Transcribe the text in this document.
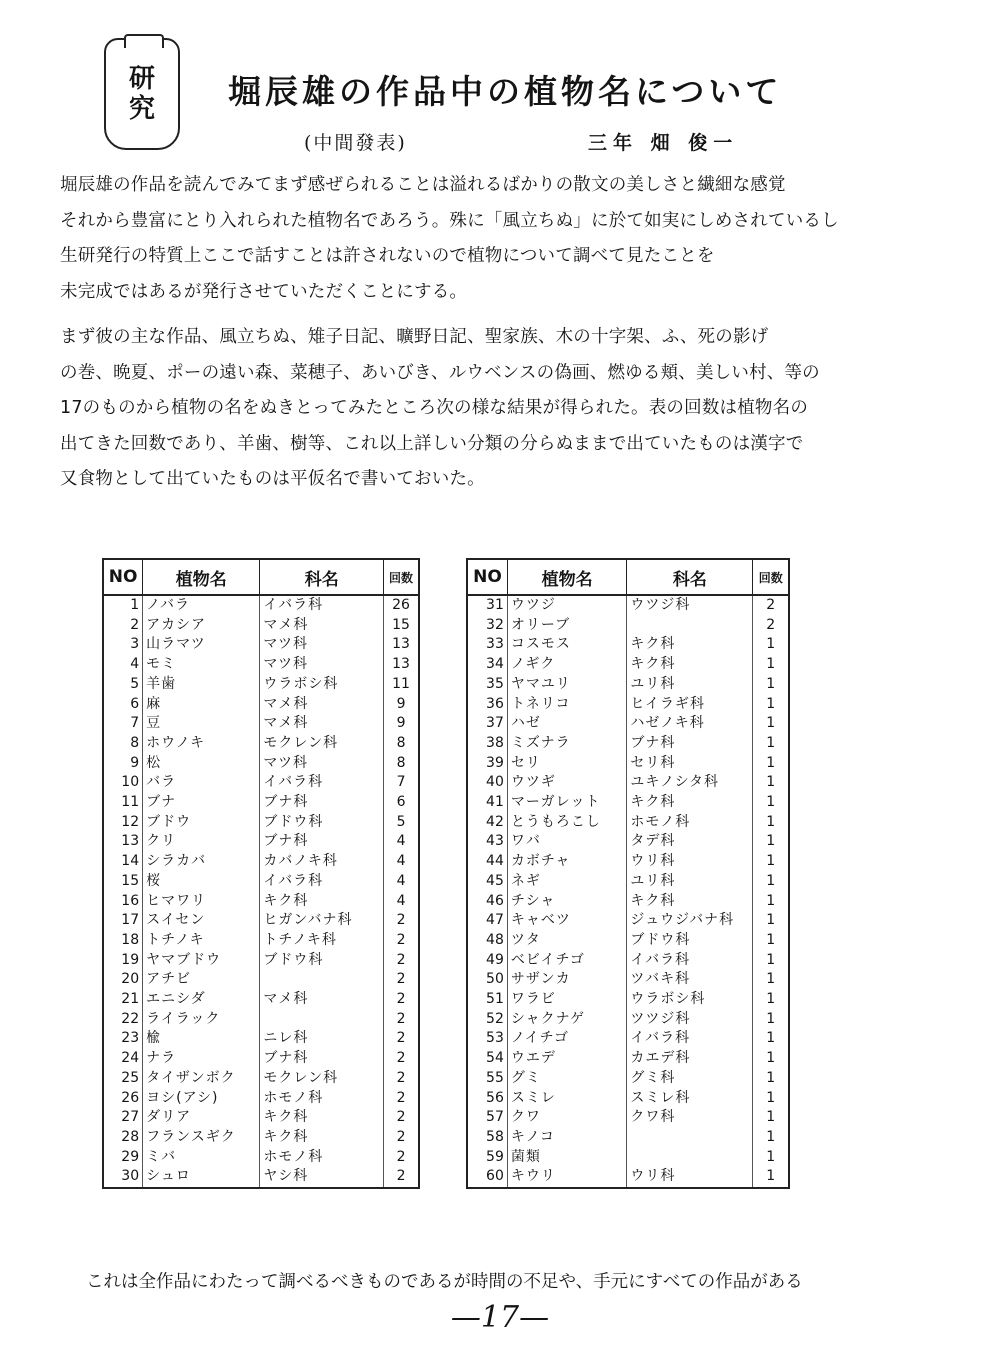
研
究 堀辰雄の作品中の植物名について
(中間發表)	三年 畑 俊一
堀辰雄の作品を読んでみてまず感ぜられることは溢れるばかりの散文の美しさと繊細な感覚
それから豊富にとり入れられた植物名であろう。殊に「風立ちぬ」に於て如実にしめされているし
生研発行の特質上ここで話すことは許されないので植物について調べて見たことを
未完成ではあるが発行させていただくことにする。
まず彼の主な作品、風立ちぬ、雉子日記、曠野日記、聖家族、木の十字架、ふ、死の影げ
の巻、晩夏、ポーの遠い森、菜穂子、あいびき、ルウベンスの偽画、燃ゆる頬、美しい村、等の
17のものから植物の名をぬきとってみたところ次の様な結果が得られた。表の回数は植物名の
出てきた回数であり、羊歯、樹等、これ以上詳しい分類の分らぬままで出ていたものは漢字で
又食物として出ていたものは平仮名で書いておいた。
NO	植物名	科名	回数
1	ノバラ	イバラ科	26
2	アカシア	マメ科	15
3	山ラマツ	マツ科	13
4	モミ	マツ科	13
5	羊歯	ウラボシ科	11
6	麻	マメ科	9
7	豆	マメ科	9
8	ホウノキ	モクレン科	8
9	松	マツ科	8
10	バラ	イバラ科	7
11	ブナ	ブナ科	6
12	ブドウ	ブドウ科	5
13	クリ	ブナ科	4
14	シラカバ	カバノキ科	4
15	桜	イバラ科	4
16	ヒマワリ	キク科	4
17	スイセン	ヒガンバナ科	2
18	トチノキ	トチノキ科	2
19	ヤマブドウ	ブドウ科	2
20	アチビ		2
21	エニシダ	マメ科	2
22	ライラック		2
23	楡	ニレ科	2
24	ナラ	ブナ科	2
25	タイザンボク	モクレン科	2
26	ヨシ(アシ)	ホモノ科	2
27	ダリア	キク科	2
28	フランスギク	キク科	2
29	ミバ	ホモノ科	2
30	シュロ	ヤシ科	2
NO	植物名	科名	回数
31	ウツジ	ウツジ科	2
32	オリーブ		2
33	コスモス	キク科	1
34	ノギク	キク科	1
35	ヤマユリ	ユリ科	1
36	トネリコ	ヒイラギ科	1
37	ハゼ	ハゼノキ科	1
38	ミズナラ	ブナ科	1
39	セリ	セリ科	1
40	ウツギ	ユキノシタ科	1
41	マーガレット	キク科	1
42	とうもろこし	ホモノ科	1
43	ワバ	タデ科	1
44	カボチャ	ウリ科	1
45	ネギ	ユリ科	1
46	チシャ	キク科	1
47	キャベツ	ジュウジバナ科	1
48	ツタ	ブドウ科	1
49	ベビイチゴ	イバラ科	1
50	サザンカ	ツバキ科	1
51	ワラビ	ウラボシ科	1
52	シャクナゲ	ツツジ科	1
53	ノイチゴ	イバラ科	1
54	ウエデ	カエデ科	1
55	グミ	グミ科	1
56	スミレ	スミレ科	1
57	クワ	クワ科	1
58	キノコ		1
59	菌類		1
60	キウリ	ウリ科	1
これは全作品にわたって調べるべきものであるが時間の不足や、手元にすべての作品がある
—17—
